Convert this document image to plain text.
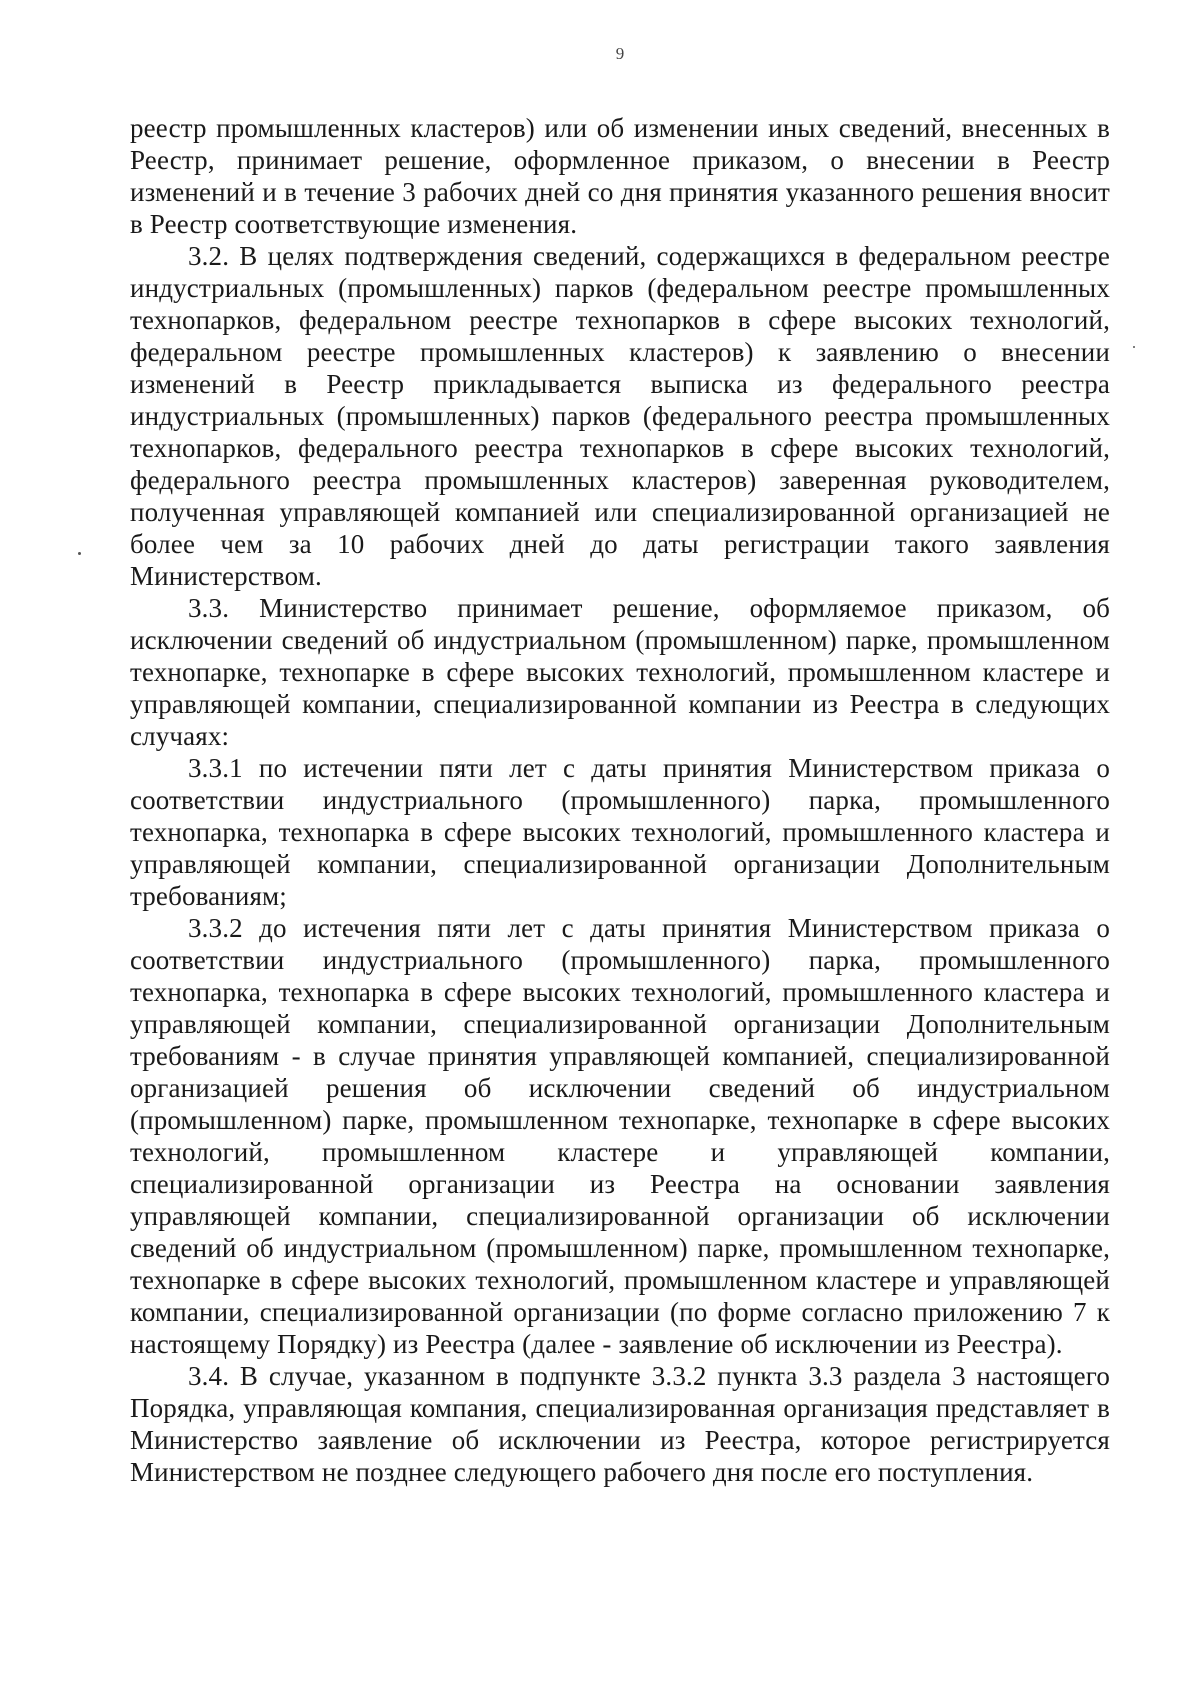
9

реестр промышленных кластеров) или об изменении иных сведений, внесенных в Реестр, принимает решение, оформленное приказом, о внесении в Реестр изменений и в течение 3 рабочих дней со дня принятия указанного решения вносит в Реестр соответствующие изменения.

3.2. В целях подтверждения сведений, содержащихся в федеральном реестре индустриальных (промышленных) парков (федеральном реестре промышленных технопарков, федеральном реестре технопарков в сфере высоких технологий, федеральном реестре промышленных кластеров) к заявлению о внесении изменений в Реестр прикладывается выписка из федерального реестра индустриальных (промышленных) парков (федерального реестра промышленных технопарков, федерального реестра технопарков в сфере высоких технологий, федерального реестра промышленных кластеров) заверенная руководителем, полученная управляющей компанией или специализированной организацией не более чем за 10 рабочих дней до даты регистрации такого заявления Министерством.

3.3. Министерство принимает решение, оформляемое приказом, об исключении сведений об индустриальном (промышленном) парке, промышленном технопарке, технопарке в сфере высоких технологий, промышленном кластере и управляющей компании, специализированной компании из Реестра в следующих случаях:

3.3.1 по истечении пяти лет с даты принятия Министерством приказа о соответствии индустриального (промышленного) парка, промышленного технопарка, технопарка в сфере высоких технологий, промышленного кластера и управляющей компании, специализированной организации Дополнительным требованиям;

3.3.2 до истечения пяти лет с даты принятия Министерством приказа о соответствии индустриального (промышленного) парка, промышленного технопарка, технопарка в сфере высоких технологий, промышленного кластера и управляющей компании, специализированной организации Дополнительным требованиям - в случае принятия управляющей компанией, специализированной организацией решения об исключении сведений об индустриальном (промышленном) парке, промышленном технопарке, технопарке в сфере высоких технологий, промышленном кластере и управляющей компании, специализированной организации из Реестра на основании заявления управляющей компании, специализированной организации об исключении сведений об индустриальном (промышленном) парке, промышленном технопарке, технопарке в сфере высоких технологий, промышленном кластере и управляющей компании, специализированной организации (по форме согласно приложению 7 к настоящему Порядку) из Реестра (далее - заявление об исключении из Реестра).

3.4. В случае, указанном в подпункте 3.3.2 пункта 3.3 раздела 3 настоящего Порядка, управляющая компания, специализированная организация представляет в Министерство заявление об исключении из Реестра, которое регистрируется Министерством не позднее следующего рабочего дня после его поступления.
